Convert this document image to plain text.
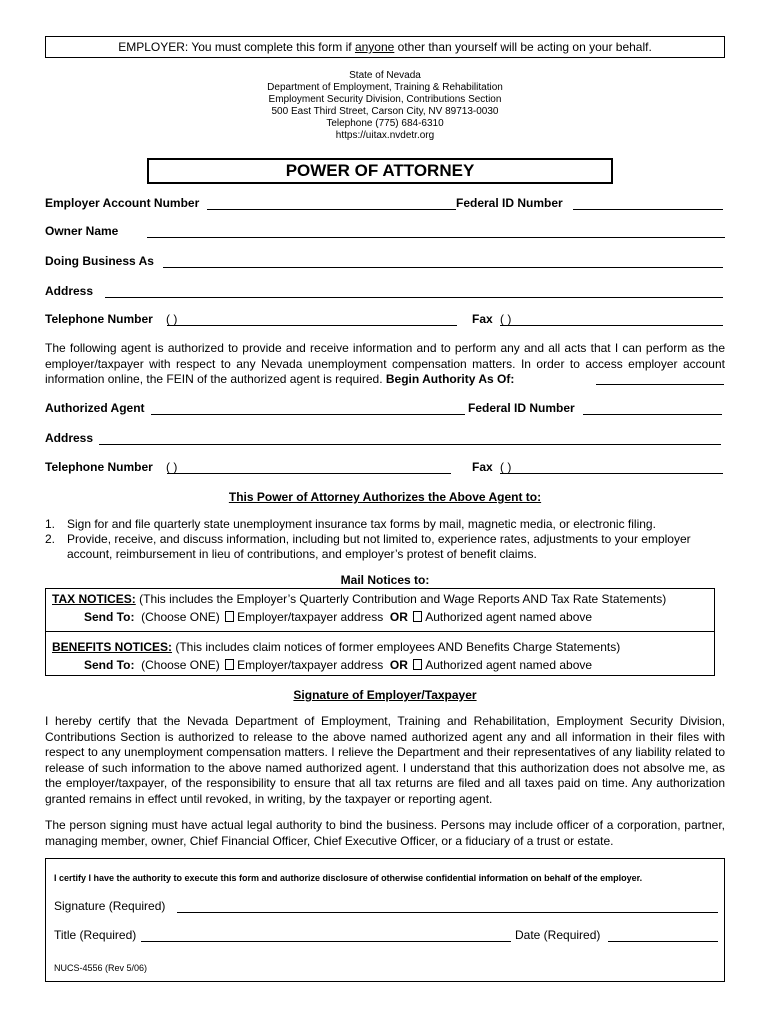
EMPLOYER: You must complete this form if anyone other than yourself will be acting on your behalf.
State of Nevada
Department of Employment, Training & Rehabilitation
Employment Security Division, Contributions Section
500 East Third Street, Carson City, NV 89713-0030
Telephone (775) 684-6310
https://uitax.nvdetr.org
POWER OF ATTORNEY
Employer Account Number	Federal ID Number
Owner Name
Doing Business As
Address
Telephone Number ( )	Fax ( )
The following agent is authorized to provide and receive information and to perform any and all acts that I can perform as the employer/taxpayer with respect to any Nevada unemployment compensation matters. In order to access employer account information online, the FEIN of the authorized agent is required. Begin Authority As Of:
Authorized Agent	Federal ID Number
Address
Telephone Number ( )	Fax ( )
This Power of Attorney Authorizes the Above Agent to:
1. Sign for and file quarterly state unemployment insurance tax forms by mail, magnetic media, or electronic filing.
2. Provide, receive, and discuss information, including but not limited to, experience rates, adjustments to your employer account, reimbursement in lieu of contributions, and employer’s protest of benefit claims.
Mail Notices to:
TAX NOTICES: (This includes the Employer’s Quarterly Contribution and Wage Reports AND Tax Rate Statements)
Send To: (Choose ONE) Employer/taxpayer address OR Authorized agent named above
BENEFITS NOTICES: (This includes claim notices of former employees AND Benefits Charge Statements)
Send To: (Choose ONE) Employer/taxpayer address OR Authorized agent named above
Signature of Employer/Taxpayer
I hereby certify that the Nevada Department of Employment, Training and Rehabilitation, Employment Security Division, Contributions Section is authorized to release to the above named authorized agent any and all information in their files with respect to any unemployment compensation matters. I relieve the Department and their representatives of any liability related to release of such information to the above named authorized agent. I understand that this authorization does not absolve me, as the employer/taxpayer, of the responsibility to ensure that all tax returns are filed and all taxes paid on time. Any authorization granted remains in effect until revoked, in writing, by the taxpayer or reporting agent.
The person signing must have actual legal authority to bind the business. Persons may include officer of a corporation, partner, managing member, owner, Chief Financial Officer, Chief Executive Officer, or a fiduciary of a trust or estate.
I certify I have the authority to execute this form and authorize disclosure of otherwise confidential information on behalf of the employer.
Signature (Required)
Title (Required)	Date (Required)
NUCS-4556 (Rev 5/06)
